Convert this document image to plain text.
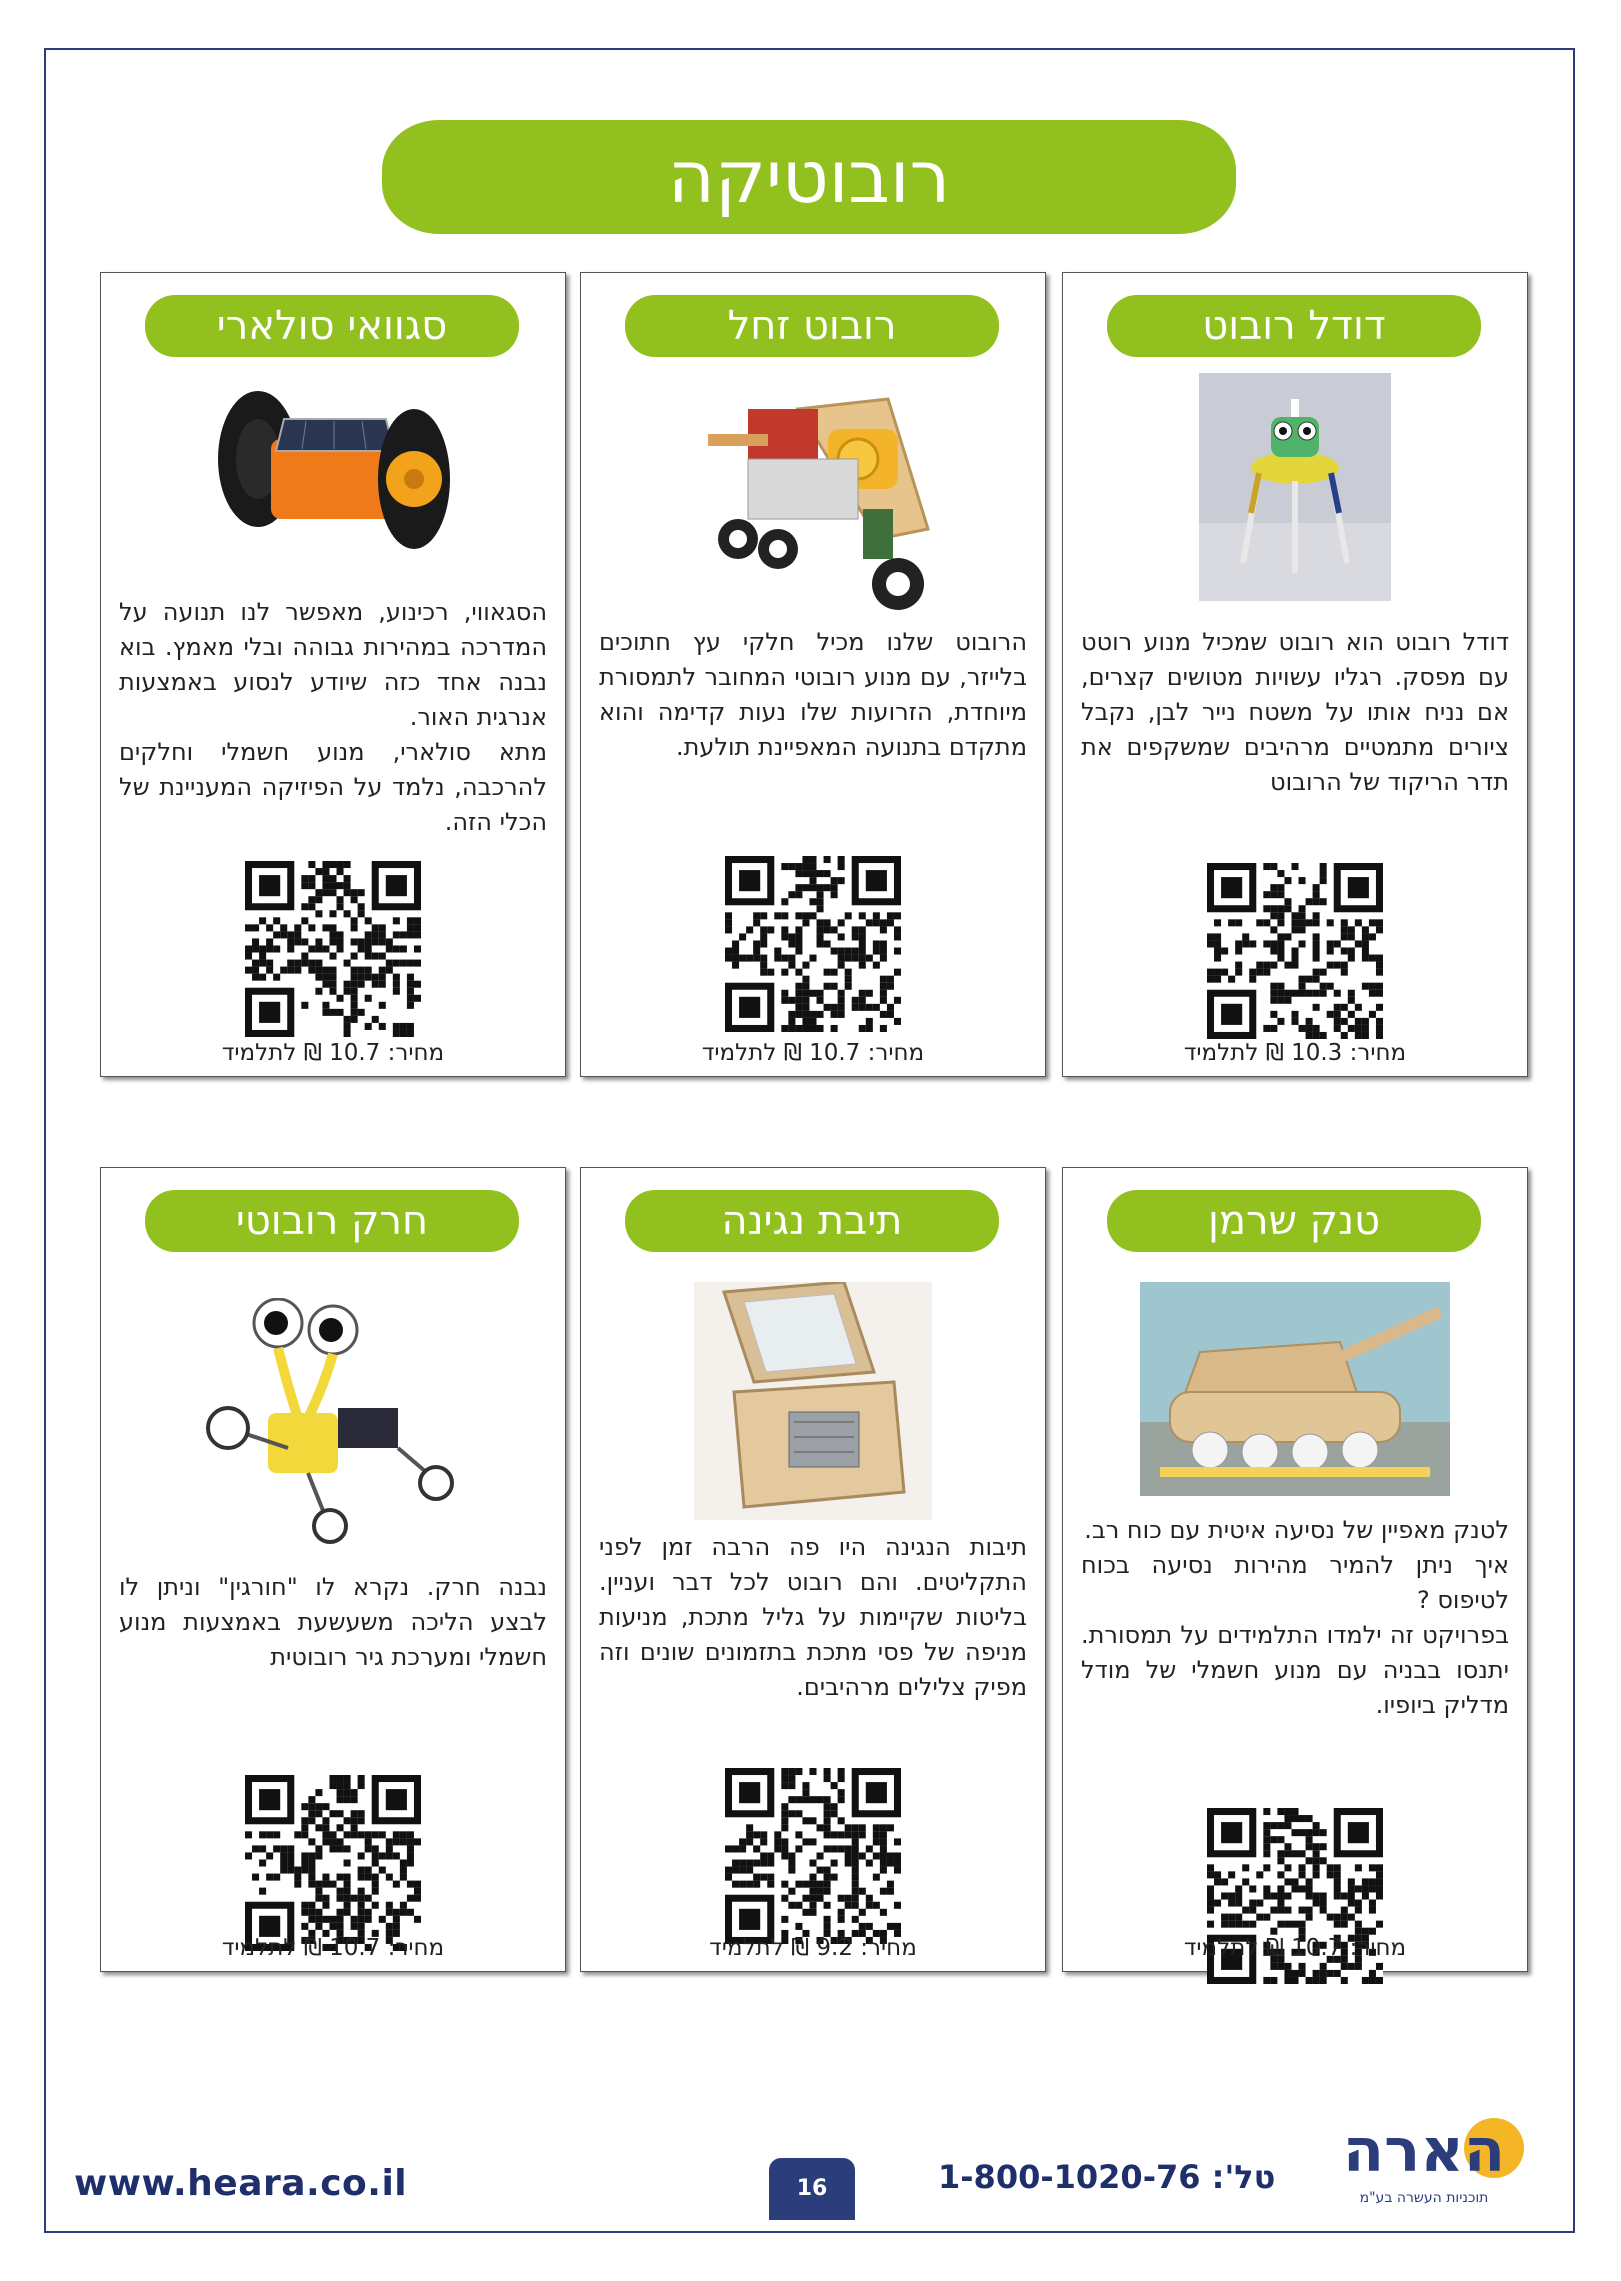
רובוטיקה
דודל רובוט

דודל רובוט הוא רובוט שמכיל מנוע רוטט עם מפסק. רגליו עשויות מטושים קצרים, אם נניח אותו על משטח נייר לבן, נקבל ציורים מתמטיים מרהיבים שמשקפים את תדר הריקוד של הרובוט

מחיר: 10.3 ₪ לתלמיד
רובוט זחל

הרובוט שלנו מכיל חלקי עץ חתוכים בלייזר, עם מנוע רובוטי המחובר לתמסורת מיוחדת, הזרועות שלו נעות קדימה והוא מתקדם בתנועה המאפיינת תולעת.

מחיר: 10.7 ₪ לתלמיד
סגוואי סולארי

הסגאווי, רכינוע, מאפשר לנו תנועה על המדרכה במהירות גבוהה ובלי מאמץ. בוא נבנה אחד כזה שיודע לנסוע באמצעות אנרגית האור.

מתא סולארי, מנוע חשמלי וחלקים להרכבה, נלמד על הפיזיקה המעניינת של הכלי הזה.

מחיר: 10.7 ₪ לתלמיד
טנק שרמן

לטנק מאפיין של נסיעה איטית עם כוח רב.

איך ניתן להמיר מהירות נסיעה בכוח לטיפוס ?

בפרויקט זה ילמדו התלמידים על תמסורת. יתנסו בבניה עם מנוע חשמלי של מודל מדליק ביופיו.

מחיר: 10.7 ₪ לתלמיד
תיבת נגינה

תיבות הנגינה היו פה הרבה זמן לפני התקליטים. והם רובוט לכל דבר ועניין. בליטות שקיימות על גליל מתכת, מניעות מניפה של פסי מתכת בתזמונים שונים וזה מפיק צלילים מרהיבים.

מחיר: 9.2 ₪ לתלמיד
חרק רובוטי

נבנה חרק. נקרא לו "חורגין" וניתן לו לבצע הליכה משעשעת באמצעות מנוע חשמלי ומערכת גיר רובוטית

מחיר: 10.7 ₪ לתלמיד
www.heara.co.il	16	טל': 1-800-1020-76	הארה
תוכניות העשרה בע"מ
